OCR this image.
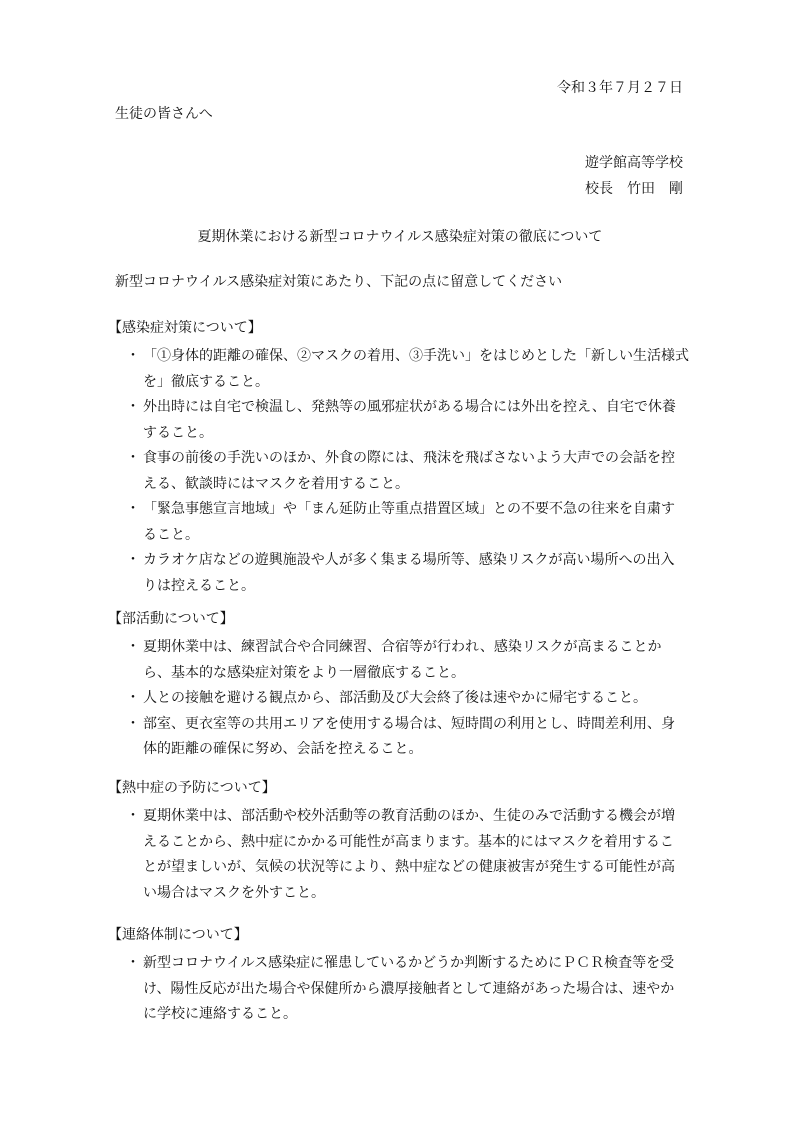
令和３年７月２７日
生徒の皆さんへ
遊学館高等学校
校長　竹田　剛
夏期休業における新型コロナウイルス感染症対策の徹底について
新型コロナウイルス感染症対策にあたり、下記の点に留意してください
【感染症対策について】
・ 「①身体的距離の確保、②マスクの着用、③手洗い」をはじめとした「新しい生活様式
を」徹底すること。
・ 外出時には自宅で検温し、発熱等の風邪症状がある場合には外出を控え、自宅で休養
すること。
・ 食事の前後の手洗いのほか、外食の際には、飛沫を飛ばさないよう大声での会話を控
える、歓談時にはマスクを着用すること。
・ 「緊急事態宣言地域」や「まん延防止等重点措置区域」との不要不急の往来を自粛す
ること。
・ カラオケ店などの遊興施設や人が多く集まる場所等、感染リスクが高い場所への出入
りは控えること。
【部活動について】
・ 夏期休業中は、練習試合や合同練習、合宿等が行われ、感染リスクが高まることか
ら、基本的な感染症対策をより一層徹底すること。
・ 人との接触を避ける観点から、部活動及び大会終了後は速やかに帰宅すること。
・ 部室、更衣室等の共用エリアを使用する場合は、短時間の利用とし、時間差利用、身
体的距離の確保に努め、会話を控えること。
【熱中症の予防について】
・ 夏期休業中は、部活動や校外活動等の教育活動のほか、生徒のみで活動する機会が増
えることから、熱中症にかかる可能性が高まります。基本的にはマスクを着用するこ
とが望ましいが、気候の状況等により、熱中症などの健康被害が発生する可能性が高
い場合はマスクを外すこと。
【連絡体制について】
・ 新型コロナウイルス感染症に罹患しているかどうか判断するためにＰＣＲ検査等を受
け、陽性反応が出た場合や保健所から濃厚接触者として連絡があった場合は、速やか
に学校に連絡すること。
